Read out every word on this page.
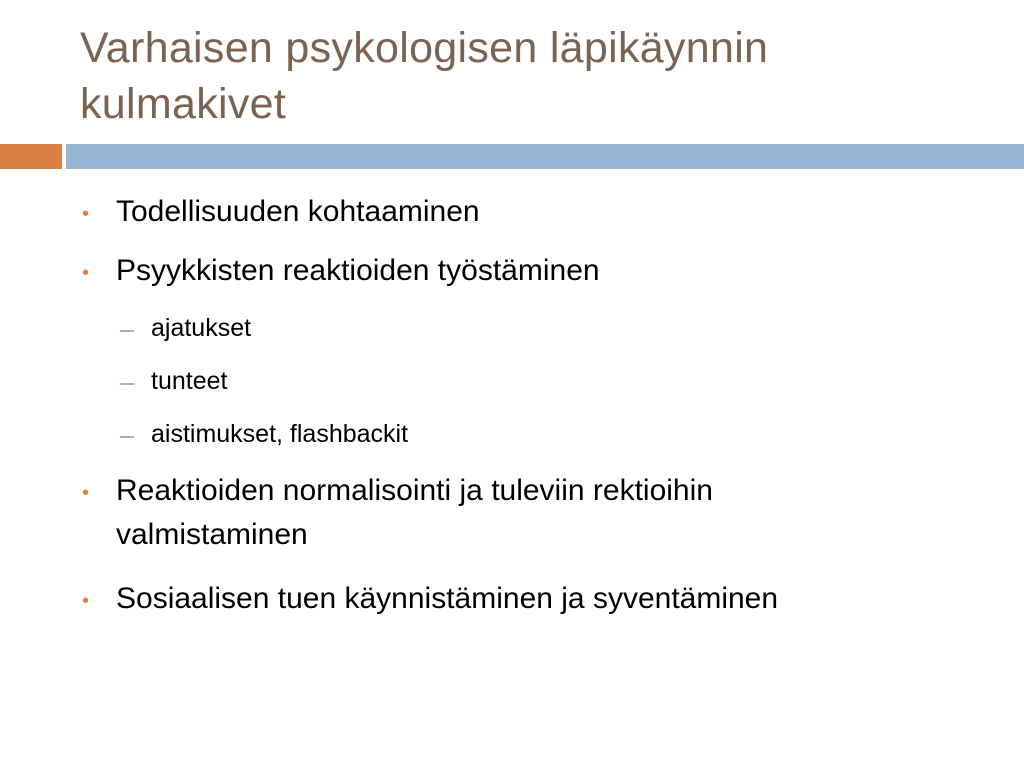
Varhaisen psykologisen läpikäynnin kulmakivet
• Todellisuuden kohtaaminen

• Psyykkisten reaktioiden työstäminen

ajatukset

tunteet

aistimukset, flashbackit

• Reaktioiden normalisointi ja tuleviin rektioihin valmistaminen

• Sosiaalisen tuen käynnistäminen ja syventäminen
